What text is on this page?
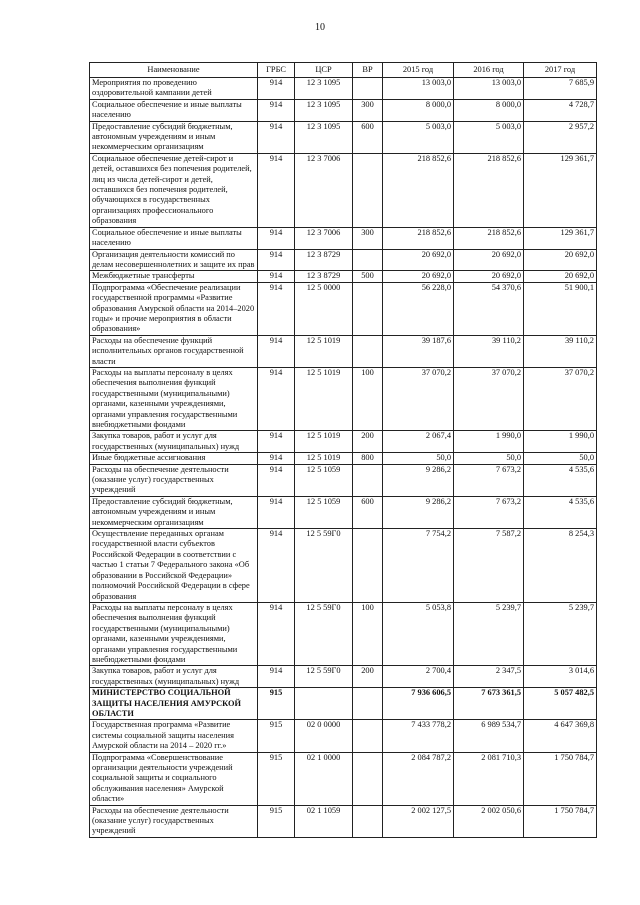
10
Наименование	ГРБС	ЦСР	ВР	2015 год	2016 год	2017 год
Мероприятия по проведению оздоровительной кампании детей	914	12 3 1095		13 003,0	13 003,0	7 685,9
Социальное обеспечение и иные выплаты населению	914	12 3 1095	300	8 000,0	8 000,0	4 728,7
Предоставление субсидий бюджетным, автономным учреждениям и иным некоммерческим организациям	914	12 3 1095	600	5 003,0	5 003,0	2 957,2
Социальное обеспечение детей-сирот и детей, оставшихся без попечения родителей, лиц из числа детей-сирот и детей, оставшихся без попечения родителей, обучающихся в государственных организациях профессионального образования	914	12 3 7006		218 852,6	218 852,6	129 361,7
Социальное обеспечение и иные выплаты населению	914	12 3 7006	300	218 852,6	218 852,6	129 361,7
Организация деятельности комиссий по делам несовершеннолетних и защите их прав	914	12 3 8729		20 692,0	20 692,0	20 692,0
Межбюджетные трансферты	914	12 3 8729	500	20 692,0	20 692,0	20 692,0
Подпрограмма «Обеспечение реализации государственной программы «Развитие образования Амурской области на 2014–2020 годы» и прочие мероприятия в области образования»	914	12 5 0000		56 228,0	54 370,6	51 900,1
Расходы на обеспечение функций исполнительных органов государственной власти	914	12 5 1019		39 187,6	39 110,2	39 110,2
Расходы на выплаты персоналу в целях обеспечения выполнения функций государственными (муниципальными) органами, казенными учреждениями, органами управления государственными внебюджетными фондами	914	12 5 1019	100	37 070,2	37 070,2	37 070,2
Закупка товаров, работ и услуг для государственных (муниципальных) нужд	914	12 5 1019	200	2 067,4	1 990,0	1 990,0
Иные бюджетные ассигнования	914	12 5 1019	800	50,0	50,0	50,0
Расходы на обеспечение деятельности (оказание услуг) государственных учреждений	914	12 5 1059		9 286,2	7 673,2	4 535,6
Предоставление субсидий бюджетным, автономным учреждениям и иным некоммерческим организациям	914	12 5 1059	600	9 286,2	7 673,2	4 535,6
Осуществление переданных органам государственной власти субъектов Российской Федерации в соответствии с частью 1 статьи 7 Федерального закона «Об образовании в Российской Федерации» полномочий Российской Федерации в сфере образования	914	12 5 59Г0		7 754,2	7 587,2	8 254,3
Расходы на выплаты персоналу в целях обеспечения выполнения функций государственными (муниципальными) органами, казенными учреждениями, органами управления государственными внебюджетными фондами	914	12 5 59Г0	100	5 053,8	5 239,7	5 239,7
Закупка товаров, работ и услуг для государственных (муниципальных) нужд	914	12 5 59Г0	200	2 700,4	2 347,5	3 014,6
МИНИСТЕРСТВО СОЦИАЛЬНОЙ ЗАЩИТЫ НАСЕЛЕНИЯ АМУРСКОЙ ОБЛАСТИ	915			7 936 606,5	7 673 361,5	5 057 482,5
Государственная программа «Развитие системы социальной защиты населения Амурской области на 2014 – 2020 гг.»	915	02 0 0000		7 433 778,2	6 989 534,7	4 647 369,8
Подпрограмма «Совершенствование организации деятельности учреждений социальной защиты и социального обслуживания населения» Амурской области»	915	02 1 0000		2 084 787,2	2 081 710,3	1 750 784,7
Расходы на обеспечение деятельности (оказание услуг) государственных учреждений	915	02 1 1059		2 002 127,5	2 002 050,6	1 750 784,7
